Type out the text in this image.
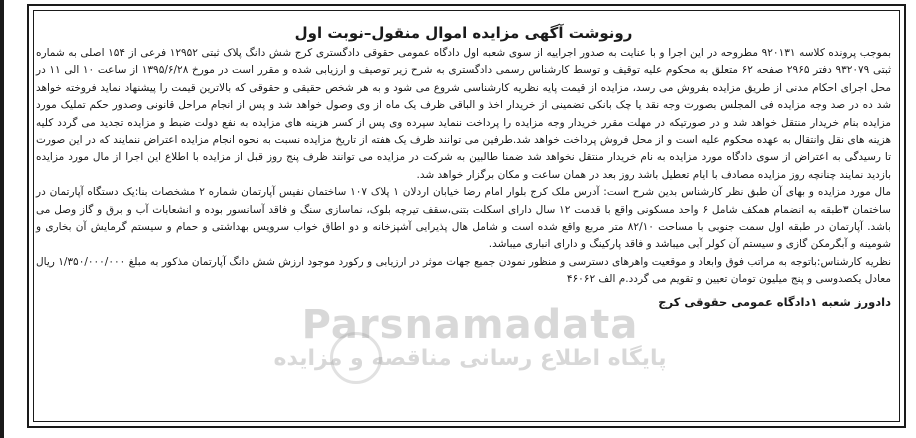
رونوشت آگهی مزایده اموال منقول–نوبت اول

بموجب پرونده کلاسه ۹۲۰۱۳۱ مطروحه در این اجرا و با عنایت به صدور اجراییه از سوی شعبه اول دادگاه عمومی حقوقی دادگستری کرج شش دانگ پلاک ثبتی ۱۲۹۵۲ فرعی از ۱۵۴ اصلی به شماره ثبتی ۹۳۲۰۷۹ دفتر ۲۹۶۵ صفحه ۶۲ متعلق به محکوم علیه توقیف و توسط کارشناس رسمی دادگستری به شرح زیر توصیف و ارزیابی شده و مقرر است در مورخ ۱۳۹۵/۶/۲۸ از ساعت ۱۰ الی ۱۱ در محل اجرای احکام مدنی از طریق مزایده بفروش می رسد، مزایده از قیمت پایه نظریه کارشناسی شروع می شود و به هر شخص حقیقی و حقوقی که بالاترین قیمت را پیشنهاد نماید فروخته خواهد شد ده در صد وجه مزایده فی المجلس بصورت وجه نقد یا چک بانکی تضمینی از خریدار اخذ و الباقی ظرف یک ماه از وی وصول خواهد شد و پس از انجام مراحل قانونی وصدور حکم تملیک مورد مزایده بنام خریدار منتقل خواهد شد و در صورتیکه در مهلت مقرر خریدار وجه مزایده را پرداخت ننماید سپرده وی پس از کسر هزینه های مزایده به نفع دولت ضبط و مزایده تجدید می گردد کلیه هزینه های نقل وانتقال به عهده محکوم علیه است و از محل فروش پرداخت خواهد شد.طرفین می توانند ظرف یک هفته از تاریخ مزایده نسبت به نحوه انجام مزایده اعتراض ننمایند که در این صورت تا رسیدگی به اعتراض از سوی دادگاه مورد مزایده به نام خریدار منتقل نخواهد شد ضمنا طالبین به شرکت در مزایده می توانند ظرف پنج روز قبل از مزایده با اطلاع این اجرا از مال مورد مزایده بازدید نمایند چنانچه روز مزایده مصادف با ایام تعطیل باشد روز بعد در همان ساعت و مکان برگزار خواهد شد.

مال مورد مزایده و بهای آن طبق نظر کارشناس بدین شرح است: آدرس ملک کرج بلوار امام رضا خیابان اردلان ۱ پلاک ۱۰۷ ساختمان نفیس آپارتمان شماره ۲ مشخصات بنا:یک دستگاه آپارتمان در ساختمان ۳طبقه به انضمام همکف شامل ۶ واحد مسکونی واقع با قدمت ۱۲ سال دارای اسکلت بتنی،سقف تیرچه بلوک، نماسازی سنگ و فاقد آسانسور بوده و انشعابات آب و برق و گاز وصل می باشد. آپارتمان در طبقه اول سمت جنوبی با مساحت ۸۲/۱۰ متر مربع واقع شده است و شامل هال پذیرایی آشپزخانه و دو اطاق خواب سرویس بهداشتی و حمام و سیستم گرمایش آن بخاری و شومینه و آبگرمکن گازی و سیستم آن کولر آبی میباشد و فاقد پارکینگ و دارای انباری میباشد.

نظریه کارشناس:باتوجه به مراتب فوق وابعاد و موقعیت واهرهای دسترسی و منظور نمودن جمیع جهات موثر در ارزیابی و رکورد موجود ارزش شش دانگ آپارتمان مذکور به مبلغ ۱/۳۵۰/۰۰۰/۰۰۰ ریال معادل یکصدوسی و پنج میلیون تومان تعیین و تقویم می گردد.م الف ۴۶۰۶۲

دادورز شعبه ۱دادگاه عمومی حقوقی کرج
Parsnamadata
پایگاه اطلاع رسانی مناقصه و مزایده
